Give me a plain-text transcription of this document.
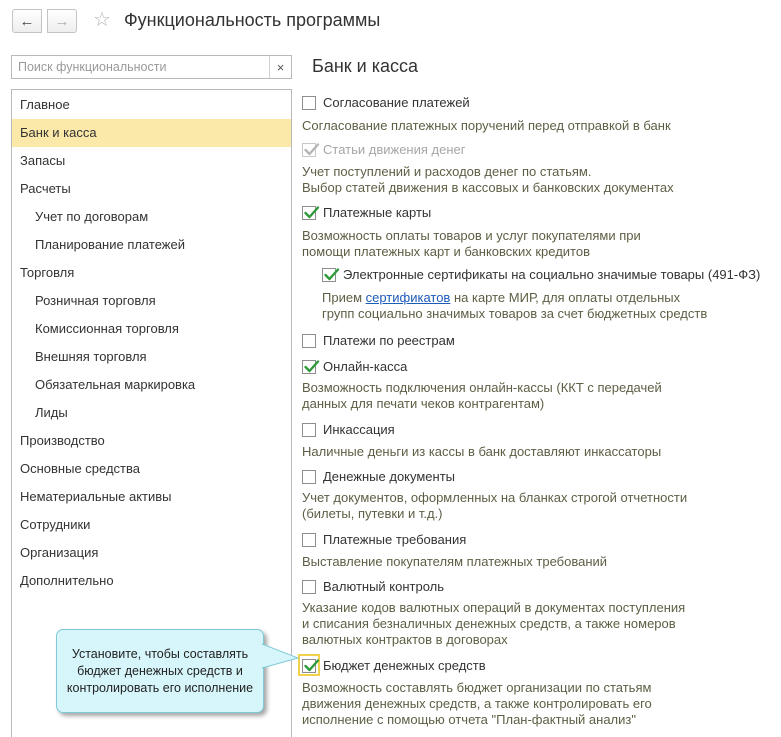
← → ☆ Функциональность программы
Поиск функциональности
×
Главное
Банк и касса
Запасы
Расчеты
Учет по договорам
Планирование платежей
Торговля
Розничная торговля
Комиссионная торговля
Внешняя торговля
Обязательная маркировка
Лиды
Производство
Основные средства
Нематериальные активы
Сотрудники
Организация
Дополнительно
Банк и касса
Согласование платежей
Согласование платежных поручений перед отправкой в банк
Статьи движения денег
Учет поступлений и расходов денег по статьям.
Выбор статей движения в кассовых и банковских документах
Платежные карты
Возможность оплаты товаров и услуг покупателями при
помощи платежных карт и банковских кредитов
Электронные сертификаты на социально значимые товары (491-ФЗ)
Прием сертификатов на карте МИР, для оплаты отдельных
групп социально значимых товаров за счет бюджетных средств
Платежи по реестрам
Онлайн-касса
Возможность подключения онлайн-кассы (ККТ с передачей
данных для печати чеков контрагентам)
Инкассация
Наличные деньги из кассы в банк доставляют инкассаторы
Денежные документы
Учет документов, оформленных на бланках строгой отчетности
(билеты, путевки и т.д.)
Платежные требования
Выставление покупателям платежных требований
Валютный контроль
Указание кодов валютных операций в документах поступления
и списания безналичных денежных средств, а также номеров
валютных контрактов в договорах
Бюджет денежных средств
Возможность составлять бюджет организации по статьям
движения денежных средств, а также контролировать его
исполнение с помощью отчета "План-фактный анализ"
Установите, чтобы составлять бюджет денежных средств и контролировать его исполнение
